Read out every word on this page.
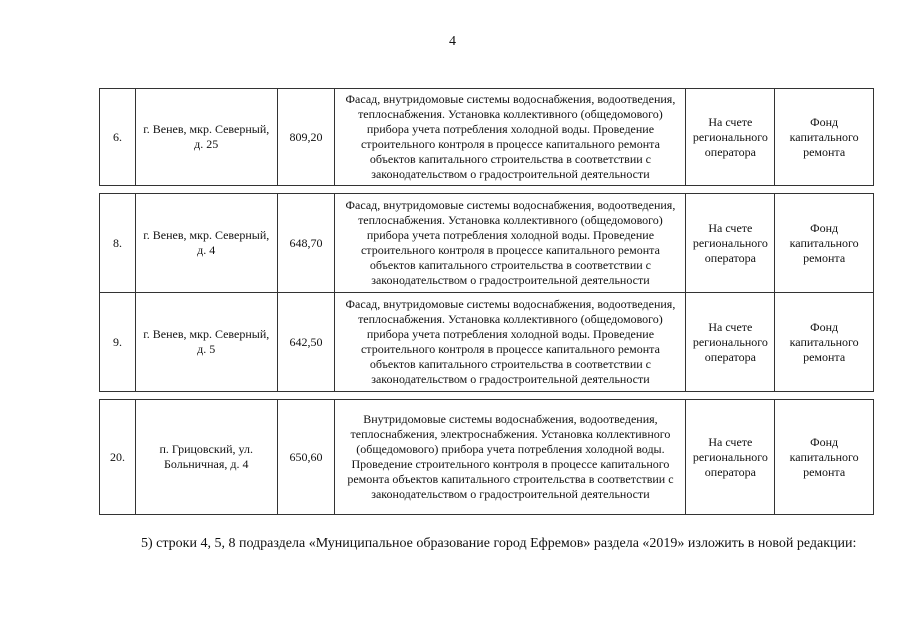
4
6.
г. Венев, мкр. Северный, д. 25
809,20
Фасад, внутридомовые системы водоснабжения, водоотведения, теплоснабжения. Установка коллективного (общедомового) прибора учета потребления холодной воды. Проведение строительного контроля в процессе капитального ремонта объектов капитального строительства в соответствии с законодательством о градостроительной деятельности
На счете регионального оператора
Фонд капитального ремонта
8.
г. Венев, мкр. Северный, д. 4
648,70
Фасад, внутридомовые системы водоснабжения, водоотведения, теплоснабжения. Установка коллективного (общедомового) прибора учета потребления холодной воды. Проведение строительного контроля в процессе капитального ремонта объектов капитального строительства в соответствии с законодательством о градостроительной деятельности
На счете регионального оператора
Фонд капитального ремонта
9.
г. Венев, мкр. Северный, д. 5
642,50
Фасад, внутридомовые системы водоснабжения, водоотведения, теплоснабжения. Установка коллективного (общедомового) прибора учета потребления холодной воды. Проведение строительного контроля в процессе капитального ремонта объектов капитального строительства в соответствии с законодательством о градостроительной деятельности
На счете регионального оператора
Фонд капитального ремонта
20.
п. Грицовский, ул. Больничная, д. 4
650,60
Внутридомовые системы водоснабжения, водоотведения, теплоснабжения, электроснабжения. Установка коллективного (общедомового) прибора учета потребления холодной воды. Проведение строительного контроля в процессе капитального ремонта объектов капитального строительства в соответствии с законодательством о градостроительной деятельности
На счете регионального оператора
Фонд капитального ремонта
5) строки 4, 5, 8 подраздела «Муниципальное образование город Ефремов» раздела «2019» изложить в новой редакции:
